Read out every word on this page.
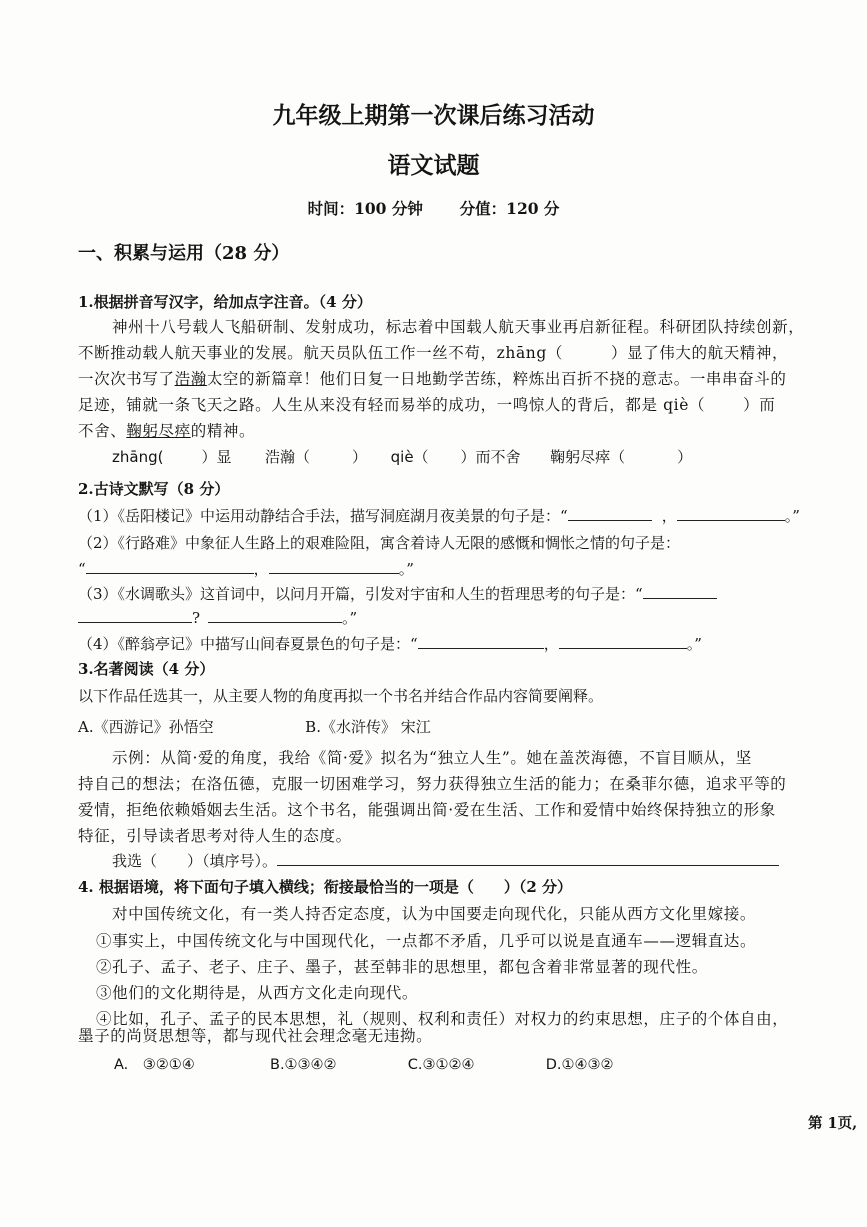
九年级上期第一次课后练习活动
语文试题
时间：100 分钟 分值：120 分
一、积累与运用（28 分）
1.根据拼音写汉字，给加点字注音。（4 分）
神州十八号载人飞船研制、发射成功，标志着中国载人航天事业再启新征程。科研团队持续创新，
不断推动载人航天事业的发展。航天员队伍工作一丝不苟，zhāng（	）显了伟大的航天精神，
一次次书写了浩瀚太空的新篇章！他们日复一日地勤学苦练，粹炼出百折不挠的意志。一串串奋斗的
足迹，铺就一条飞天之路。人生从来没有轻而易举的成功，一鸣惊人的背后，都是 qiè（ ）而
不舍、鞠躬尽瘁的精神。
zhāng(	）显 浩瀚（	） qiè（ ）而不舍 鞠躬尽瘁（	）
2.古诗文默写（8 分）
（1）《岳阳楼记》中运用动静结合手法，描写洞庭湖月夜美景的句子是：“	，	。”
（2）《行路难》中象征人生路上的艰难险阻，寓含着诗人无限的感慨和惆怅之情的句子是：
“	，	。”
（3）《水调歌头》这首词中，以问月开篇，引发对宇宙和人生的哲理思考的句子是：“
?	。”
（4）《醉翁亭记》中描写山间春夏景色的句子是：“	，	。”
3.名著阅读（4 分）
以下作品任选其一，从主要人物的角度再拟一个书名并结合作品内容简要阐释。
A.《西游记》孙悟空	B.《水浒传》 宋江
示例：从简·爱的角度，我给《简·爱》拟名为“独立人生”。她在盖茨海德，不盲目顺从，坚
持自己的想法；在洛伍德，克服一切困难学习，努力获得独立生活的能力；在桑菲尔德，追求平等的
爱情，拒绝依赖婚姻去生活。这个书名，能强调出简·爱在生活、工作和爱情中始终保持独立的形象
特征，引导读者思考对待人生的态度。
我选（　　）（填序号）。
4. 根据语境，将下面句子填入横线；衔接最恰当的一项是（　　）（2 分）
对中国传统文化，有一类人持否定态度，认为中国要走向现代化，只能从西方文化里嫁接。
①事实上，中国传统文化与中国现代化，一点都不矛盾，几乎可以说是直通车——逻辑直达。
②孔子、孟子、老子、庄子、墨子，甚至韩非的思想里，都包含着非常显著的现代性。
③他们的文化期待是，从西方文化走向现代。
④比如，孔子、孟子的民本思想，礼（规则、权利和责任）对权力的约束思想，庄子的个体自由，
墨子的尚贤思想等，都与现代社会理念毫无违拗。
A.　③②①④	B.①③④②	C.③①②④	D.①④③②
第 1页,
